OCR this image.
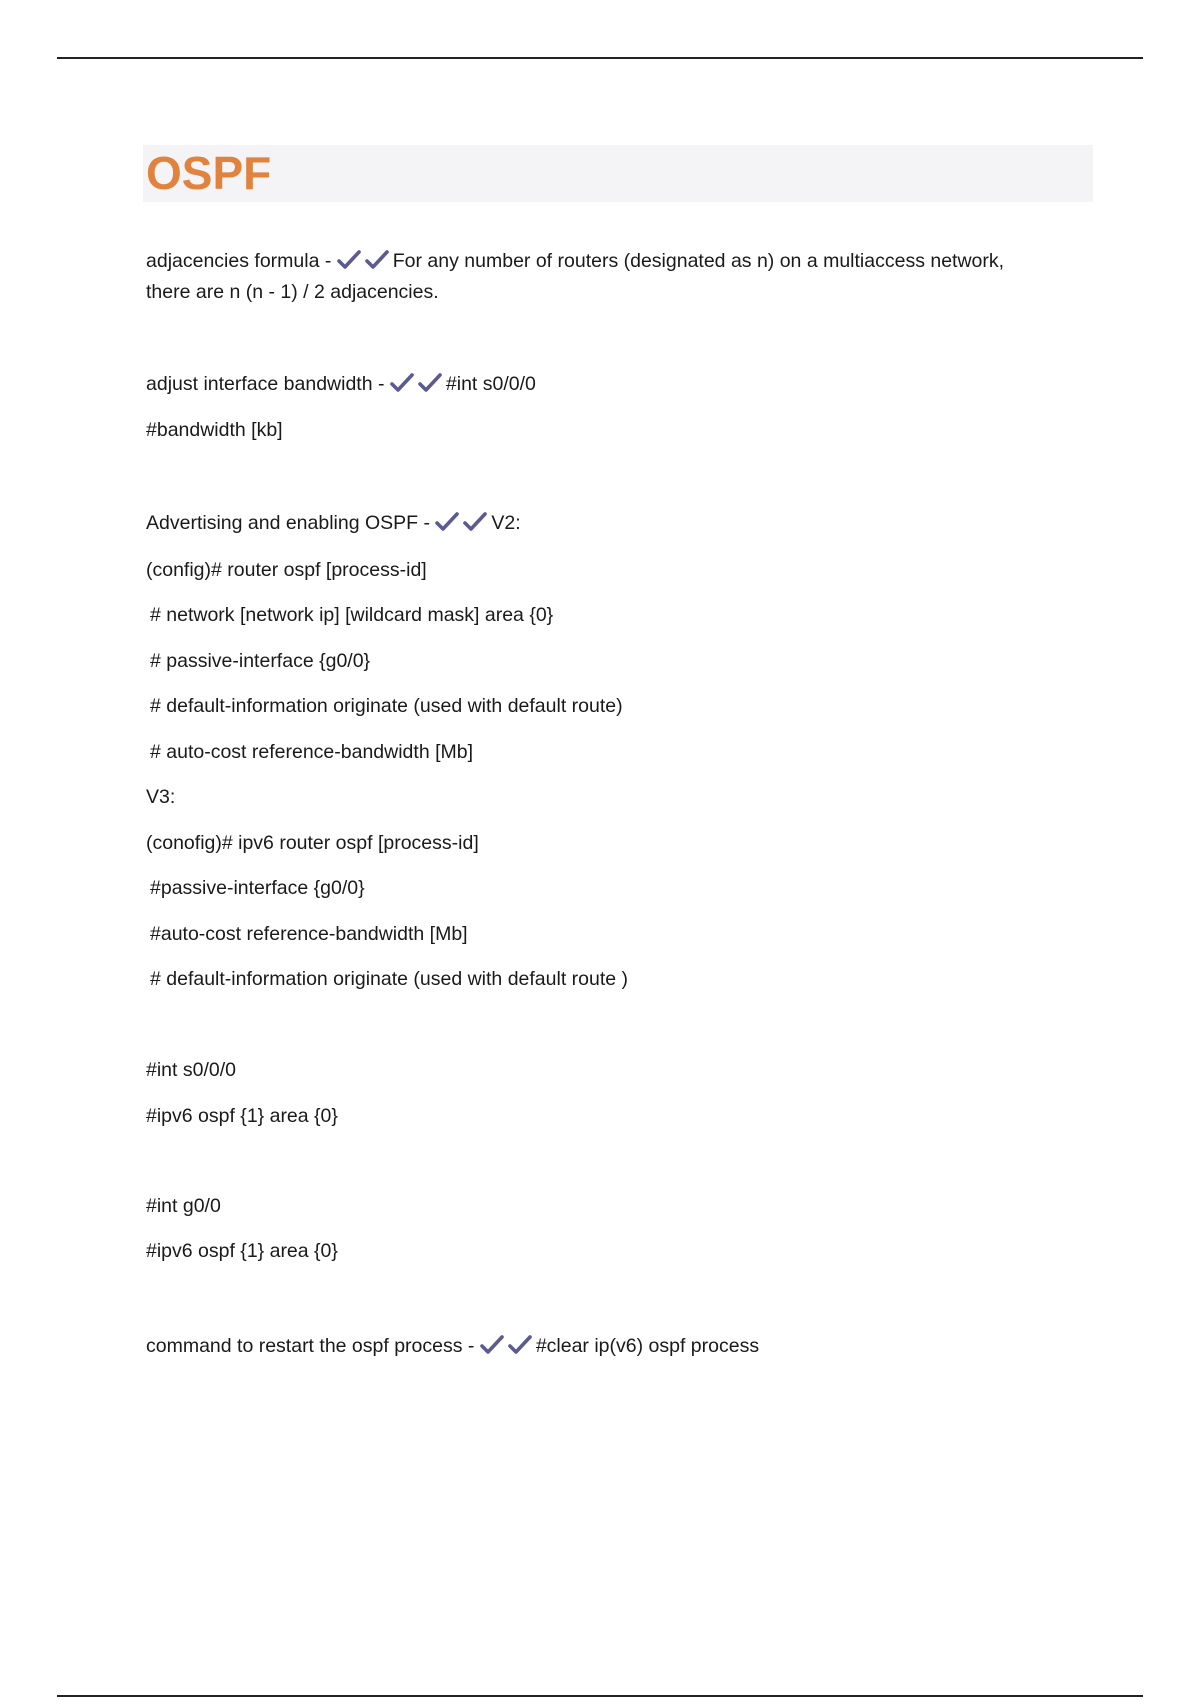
OSPF
adjacencies formula -	For any number of routers (designated as n) on a multiaccess network,
there are n (n - 1) / 2 adjacencies.
adjust interface bandwidth -	#int s0/0/0
#bandwidth [kb]
Advertising and enabling OSPF -	V2:
(config)# router ospf [process-id]
# network [network ip] [wildcard mask] area {0}
# passive-interface {g0/0}
# default-information originate (used with default route)
# auto-cost reference-bandwidth [Mb]
V3:
(conofig)# ipv6 router ospf [process-id]
#passive-interface {g0/0}
#auto-cost reference-bandwidth [Mb]
# default-information originate (used with default route )
#int s0/0/0
#ipv6 ospf {1} area {0}
#int g0/0
#ipv6 ospf {1} area {0}
command to restart the ospf process -	#clear ip(v6) ospf process
